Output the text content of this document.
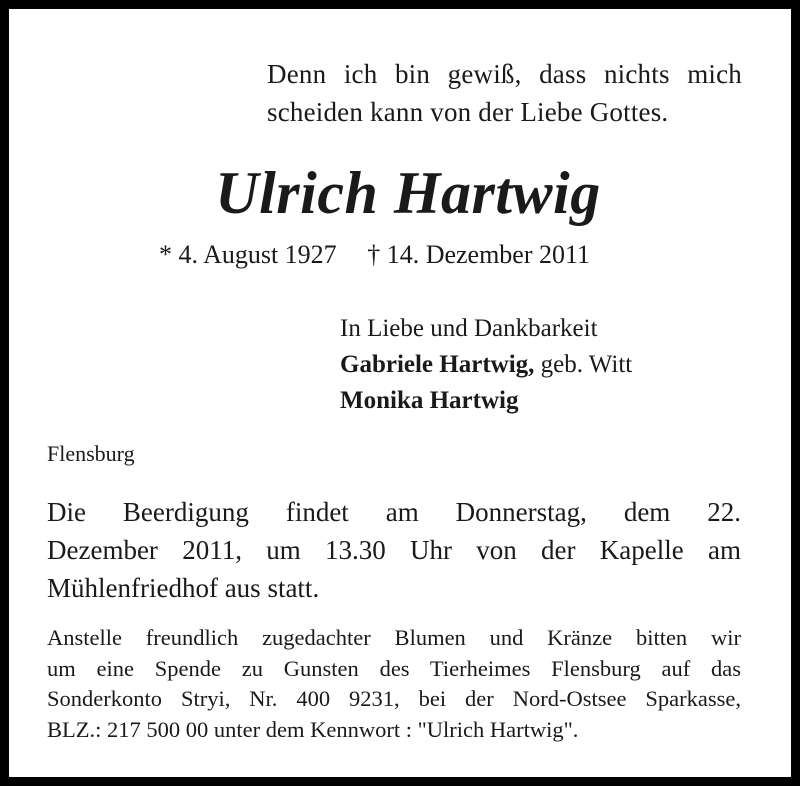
Denn ich bin gewiß, dass nichts mich
scheiden kann von der Liebe Gottes.
Ulrich Hartwig
* 4. August 1927 † 14. Dezember 2011
In Liebe und Dankbarkeit
Gabriele Hartwig, geb. Witt
Monika Hartwig
Flensburg
Die Beerdigung findet am Donnerstag, dem 22.
Dezember 2011, um 13.30 Uhr von der Kapelle am
Mühlenfriedhof aus statt.
Anstelle freundlich zugedachter Blumen und Kränze bitten wir
um eine Spende zu Gunsten des Tierheimes Flensburg auf das
Sonderkonto Stryi, Nr. 400 9231, bei der Nord-Ostsee Sparkasse,
BLZ.: 217 500 00 unter dem Kennwort : "Ulrich Hartwig".
